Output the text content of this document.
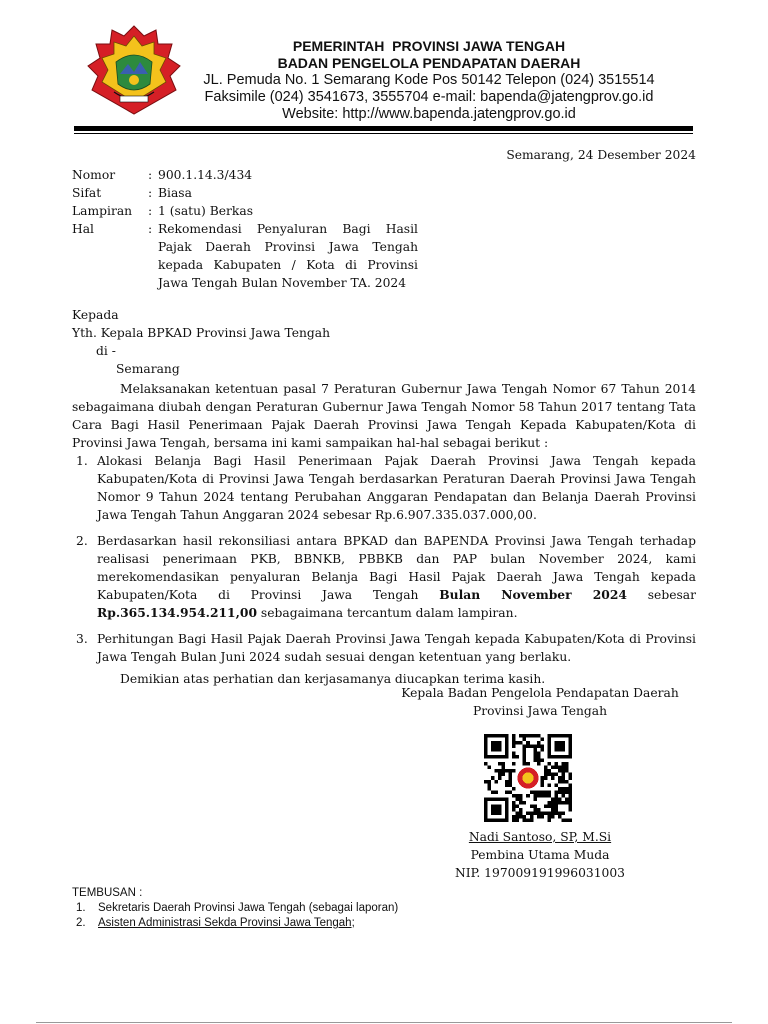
PEMERINTAH  PROVINSI JAWA TENGAH
BADAN PENGELOLA PENDAPATAN DAERAH
JL. Pemuda No. 1 Semarang Kode Pos 50142 Telepon (024) 3515514
Faksimile (024) 3541673, 3555704 e-mail: bapenda@jatengprov.go.id
Website: http://www.bapenda.jatengprov.go.id
Semarang, 24 Desember 2024
Nomor	: 900.1.14.3/434
Sifat	: Biasa
Lampiran	: 1 (satu) Berkas
Hal	: Rekomendasi Penyaluran Bagi Hasil Pajak Daerah Provinsi Jawa Tengah kepada Kabupaten / Kota di Provinsi Jawa Tengah Bulan November TA. 2024
Kepada
Yth. Kepala BPKAD Provinsi Jawa Tengah
di -
Semarang

Melaksanakan ketentuan pasal 7 Peraturan Gubernur Jawa Tengah Nomor 67 Tahun 2014 sebagaimana diubah dengan Peraturan Gubernur Jawa Tengah Nomor 58 Tahun 2017 tentang Tata Cara Bagi Hasil Penerimaan Pajak Daerah Provinsi Jawa Tengah Kepada Kabupaten/Kota di Provinsi Jawa Tengah, bersama ini kami sampaikan hal-hal sebagai berikut :

1. Alokasi Belanja Bagi Hasil Penerimaan Pajak Daerah Provinsi Jawa Tengah kepada Kabupaten/Kota di Provinsi Jawa Tengah berdasarkan Peraturan Daerah Provinsi Jawa Tengah Nomor 9 Tahun 2024 tentang Perubahan Anggaran Pendapatan dan Belanja Daerah Provinsi Jawa Tengah Tahun Anggaran 2024 sebesar Rp.6.907.335.037.000,00.
2. Berdasarkan hasil rekonsiliasi antara BPKAD dan BAPENDA Provinsi Jawa Tengah terhadap realisasi penerimaan PKB, BBNKB, PBBKB dan PAP bulan November 2024, kami merekomendasikan penyaluran Belanja Bagi Hasil Pajak Daerah Jawa Tengah kepada Kabupaten/Kota di Provinsi Jawa Tengah Bulan November 2024 sebesar Rp.365.134.954.211,00 sebagaimana tercantum dalam lampiran.
3. Perhitungan Bagi Hasil Pajak Daerah Provinsi Jawa Tengah kepada Kabupaten/Kota di Provinsi Jawa Tengah Bulan Juni 2024 sudah sesuai dengan ketentuan yang berlaku.

Demikian atas perhatian dan kerjasamanya diucapkan terima kasih.

Kepala Badan Pengelola Pendapatan Daerah
Provinsi Jawa Tengah
Nadi Santoso, SP, M.Si
Pembina Utama Muda
NIP. 197009191996031003
TEMBUSAN :
1.	Sekretaris Daerah Provinsi Jawa Tengah (sebagai laporan)
2.	Asisten Administrasi Sekda Provinsi Jawa Tengah;
